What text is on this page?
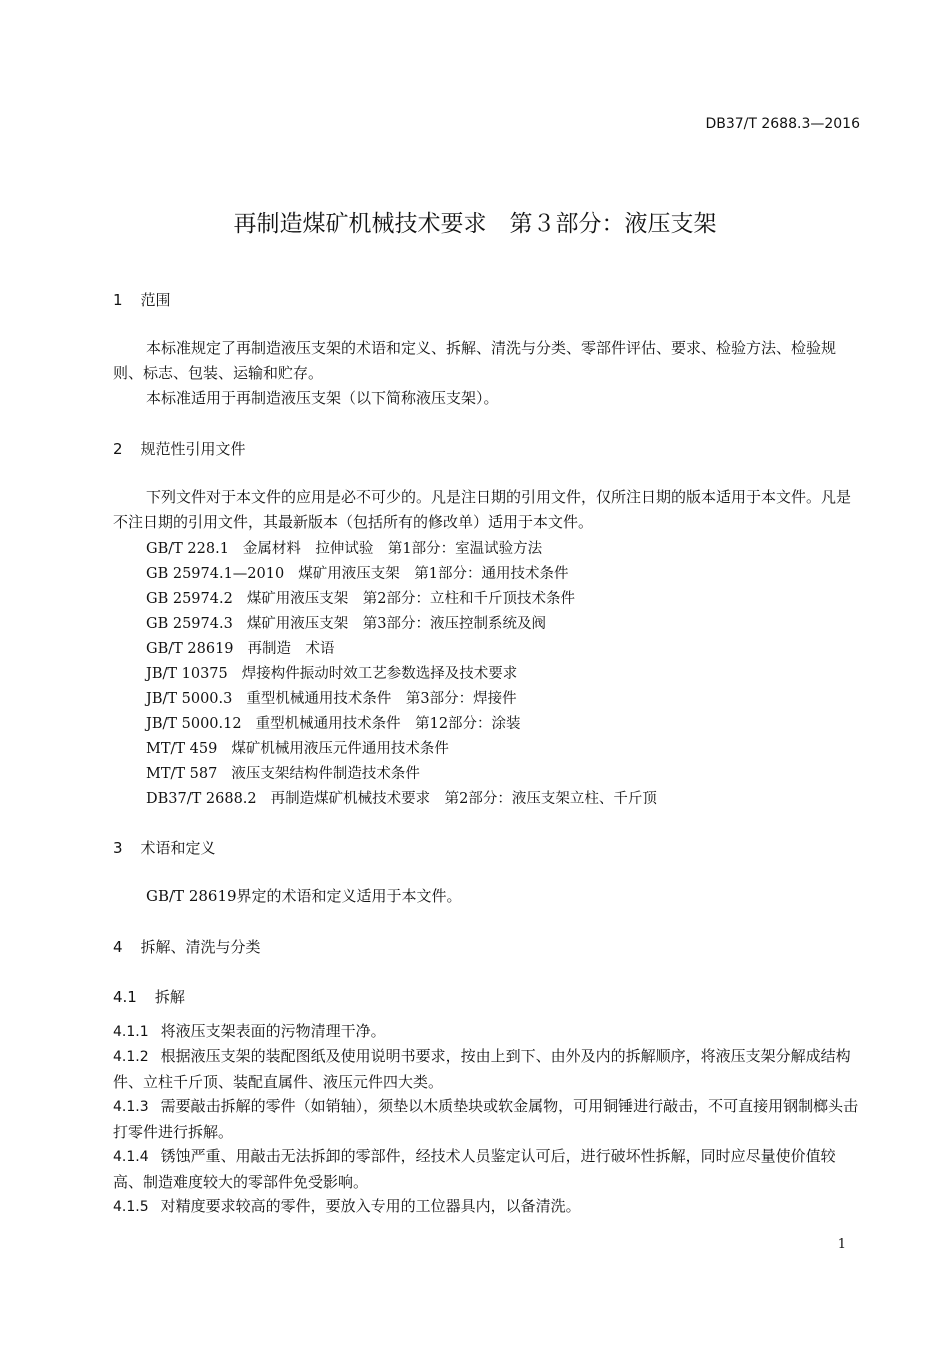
DB37/T 2688.3—2016
再制造煤矿机械技术要求　第３部分：液压支架
1 范围
本标准规定了再制造液压支架的术语和定义、拆解、清洗与分类、零部件评估、要求、检验方法、检验规则、标志、包装、运输和贮存。
本标准适用于再制造液压支架（以下简称液压支架）。
2 规范性引用文件
下列文件对于本文件的应用是必不可少的。凡是注日期的引用文件，仅所注日期的版本适用于本文件。凡是不注日期的引用文件，其最新版本（包括所有的修改单）适用于本文件。
GB/T 228.1 金属材料　拉伸试验　第1部分：室温试验方法
GB 25974.1—2010 煤矿用液压支架　第1部分：通用技术条件
GB 25974.2 煤矿用液压支架　第2部分：立柱和千斤顶技术条件
GB 25974.3 煤矿用液压支架　第3部分：液压控制系统及阀
GB/T 28619 再制造　术语
JB/T 10375 焊接构件振动时效工艺参数选择及技术要求
JB/T 5000.3 重型机械通用技术条件　第3部分：焊接件
JB/T 5000.12 重型机械通用技术条件　第12部分：涂装
MT/T 459 煤矿机械用液压元件通用技术条件
MT/T 587 液压支架结构件制造技术条件
DB37/T 2688.2 再制造煤矿机械技术要求　第2部分：液压支架立柱、千斤顶
3 术语和定义
GB/T 28619界定的术语和定义适用于本文件。
4 拆解、清洗与分类
4.1 拆解
4.1.1 将液压支架表面的污物清理干净。
4.1.2 根据液压支架的装配图纸及使用说明书要求，按由上到下、由外及内的拆解顺序，将液压支架分解成结构件、立柱千斤顶、装配直属件、液压元件四大类。
4.1.3 需要敲击拆解的零件（如销轴），须垫以木质垫块或软金属物，可用铜锤进行敲击，不可直接用钢制榔头击打零件进行拆解。
4.1.4 锈蚀严重、用敲击无法拆卸的零部件，经技术人员鉴定认可后，进行破坏性拆解，同时应尽量使价值较高、制造难度较大的零部件免受影响。
4.1.5 对精度要求较高的零件，要放入专用的工位器具内，以备清洗。
1
